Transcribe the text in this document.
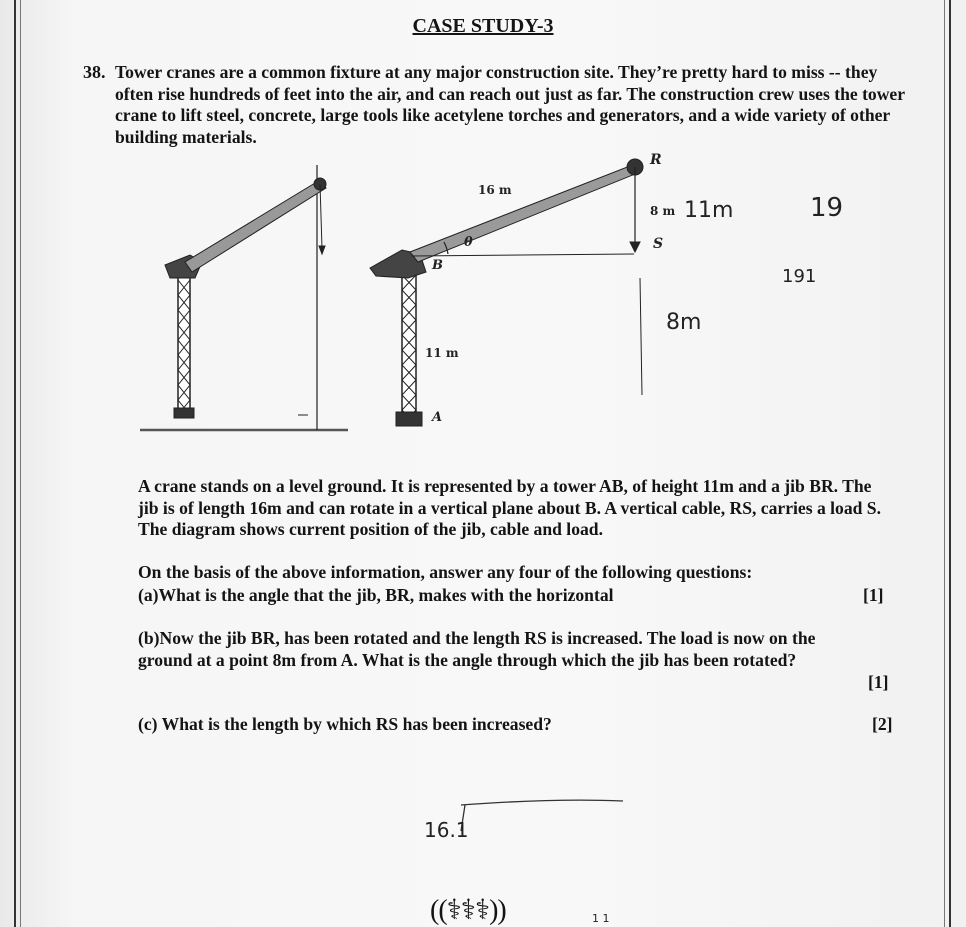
CASE STUDY-3
38. Tower cranes are a common fixture at any major construction site. They’re pretty hard to miss -- they often rise hundreds of feet into the air, and can reach out just as far. The construction crew uses the tower crane to lift steel, concrete, large tools like acetylene torches and generators, and a wide variety of other building materials.
16 m
R
8 m
S
θ
B
11 m
A
11m	19
191
8m
A crane stands on a level ground. It is represented by a tower AB, of height 11m and a jib BR. The jib is of length 16m and can rotate in a vertical plane about B. A vertical cable, RS, carries a load S. The diagram shows current position of the jib, cable and load.
On the basis of the above information, answer any four of the following questions:
(a)What is the angle that the jib, BR, makes with the horizontal	[1]
(b)Now the jib BR, has been rotated and the length RS is increased. The load is now on the ground at a point 8m from A. What is the angle through which the jib has been rotated?
[1]
(c) What is the length by which RS has been increased?	[2]
16.1
((⚕⚕⚕))	1 1
